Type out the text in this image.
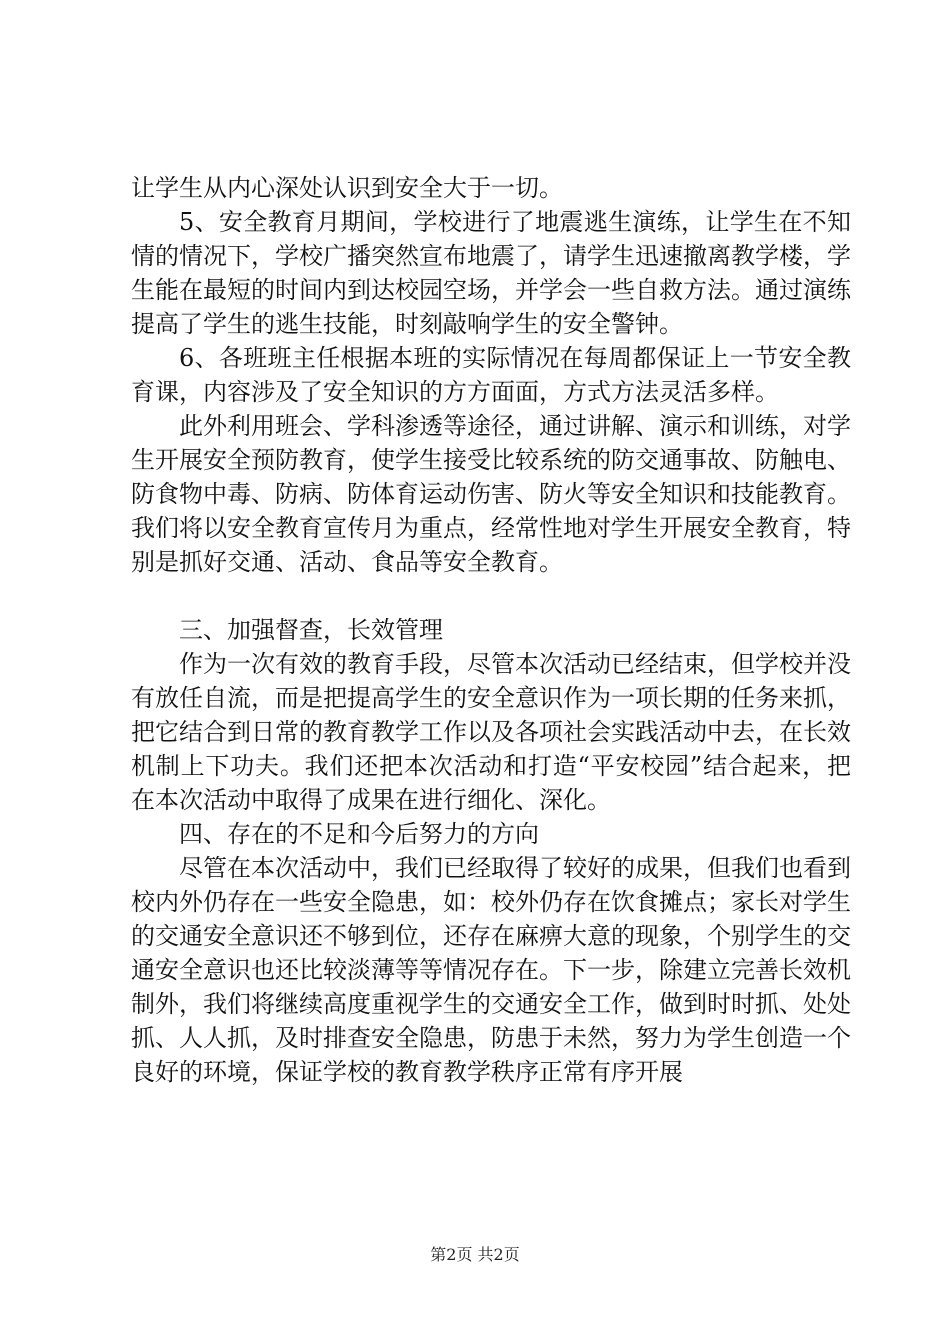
让学生从内心深处认识到安全大于一切。

5、安全教育月期间，学校进行了地震逃生演练，让学生在不知情的情况下，学校广播突然宣布地震了，请学生迅速撤离教学楼，学生能在最短的时间内到达校园空场，并学会一些自救方法。通过演练提高了学生的逃生技能，时刻敲响学生的安全警钟。

6、各班班主任根据本班的实际情况在每周都保证上一节安全教育课，内容涉及了安全知识的方方面面，方式方法灵活多样。

此外利用班会、学科渗透等途径，通过讲解、演示和训练，对学生开展安全预防教育，使学生接受比较系统的防交通事故、防触电、防食物中毒、防病、防体育运动伤害、防火等安全知识和技能教育。我们将以安全教育宣传月为重点，经常性地对学生开展安全教育，特别是抓好交通、活动、食品等安全教育。

三、加强督查，长效管理

作为一次有效的教育手段，尽管本次活动已经结束，但学校并没有放任自流，而是把提高学生的安全意识作为一项长期的任务来抓，把它结合到日常的教育教学工作以及各项社会实践活动中去，在长效机制上下功夫。我们还把本次活动和打造“平安校园”结合起来，把在本次活动中取得了成果在进行细化、深化。

四、存在的不足和今后努力的方向

尽管在本次活动中，我们已经取得了较好的成果，但我们也看到校内外仍存在一些安全隐患，如：校外仍存在饮食摊点；家长对学生的交通安全意识还不够到位，还存在麻痹大意的现象，个别学生的交通安全意识也还比较淡薄等等情况存在。下一步，除建立完善长效机制外，我们将继续高度重视学生的交通安全工作，做到时时抓、处处抓、人人抓，及时排查安全隐患，防患于未然，努力为学生创造一个良好的环境，保证学校的教育教学秩序正常有序开展

第2页 共2页
